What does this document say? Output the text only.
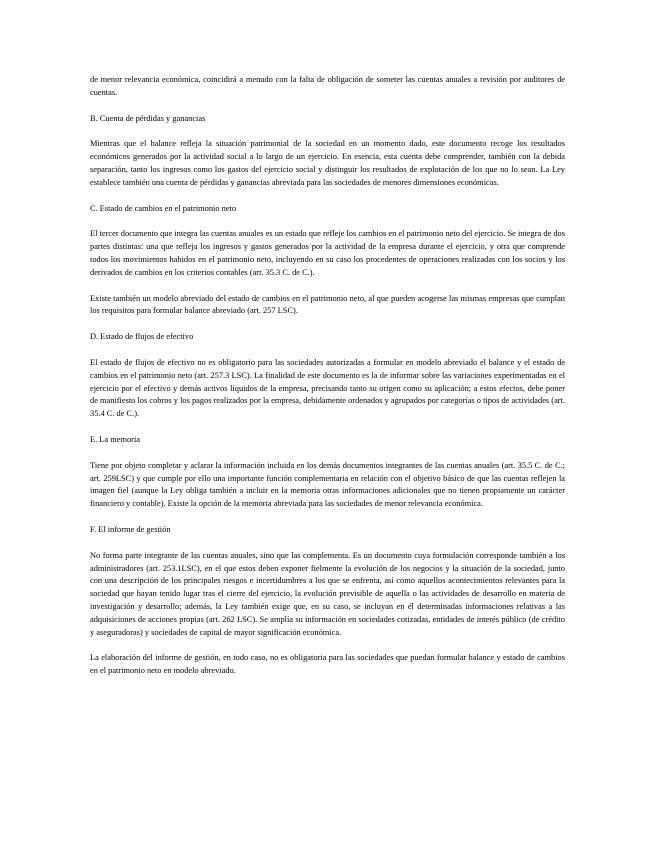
de menor relevancia económica, coincidirá a menudo con la falta de obligación de someter las cuentas anuales a revisión por auditores de cuentas.

B. Cuenta de pérdidas y ganancias

Mientras que el balance refleja la situación patrimonial de la sociedad en un momento dado, este documento recoge los resultados económicos generados por la actividad social a lo largo de un ejercicio. En esencia, esta cuenta debe comprender, también con la debida separación, tanto los ingresos como los gastos del ejercicio social y distinguir los resultados de explotación de los que no lo sean. La Ley establece también una cuenta de pérdidas y ganancias abreviada para las sociedades de menores dimensiones económicas.

C. Estado de cambios en el patrimonio neto

El tercer documento que integra las cuentas anuales es un estado que refleje los cambios en el patrimonio neto del ejercicio. Se integra de dos partes distintas: una que refleja los ingresos y gastos generados por la actividad de la empresa durante el ejercicio, y otra que comprende todos los movimientos habidos en el patrimonio neto, incluyendo en su caso los procedentes de operaciones realizadas con los socios y los derivados de cambios en los criterios contables (art. 35.3 C. de C.).

Existe también un modelo abreviado del estado de cambios en el patrimonio neto, al que pueden acogerse las mismas empresas que cumplan los requisitos para formular balance abreviado (art. 257 LSC).

D. Estado de flujos de efectivo

El estado de flujos de efectivo no es obligatorio para las sociedades autorizadas a formular en modelo abreviado el balance y el estado de cambios en el patrimonio neto (art. 257.3 LSC). La finalidad de este documento es la de informar sobre las variaciones experimentadas en el ejercicio por el efectivo y demás activos líquidos de la empresa, precisando tanto su origen como su aplicación; a estos efectos, debe poner de manifiesto los cobros y los pagos realizados por la empresa, debidamente ordenados y agrupados por categorías o tipos de actividades (art. 35.4 C. de C.).

E. La memoria

Tiene por objeto completar y aclarar la información incluida en los demás documentos integrantes de las cuentas anuales (art. 35.5 C. de C.; art. 259LSC) y que cumple por ello una importante función complementaria en relación con el objetivo básico de que las cuentas reflejen la imagen fiel (aunque la Ley obliga también a incluir en la memoria otras informaciones adicionales que no tienen propiamente un carácter financiero y contable). Existe la opción de la memoria abreviada para las sociedades de menor relevancia económica.

F. El informe de gestión

No forma parte integrante de las cuentas anuales, sino que las complementa. Es un documento cuya formulación corresponde también a los administradores (art. 253.1LSC), en el que estos deben exponer fielmente la evolución de los negocios y la situación de la sociedad, junto con una descripción de los principales riesgos e incertidumbres a los que se enfrenta, así como aquellos acontecimientos relevantes para la sociedad que hayan tenido lugar tras el cierre del ejercicio, la evolución previsible de aquella o las actividades de desarrollo en materia de investigación y desarrollo; además, la Ley también exige que, en su caso, se incluyan en él determinadas informaciones relativas a las adquisiciones de acciones propias (art. 262 LSC). Se amplía su información en sociedades cotizadas, entidades de interés público (de crédito y aseguradoras) y sociedades de capital de mayor significación económica.

La elaboración del informe de gestión, en todo caso, no es obligatoria para las sociedades que puedan formular balance y estado de cambios en el patrimonio neto en modelo abreviado.
